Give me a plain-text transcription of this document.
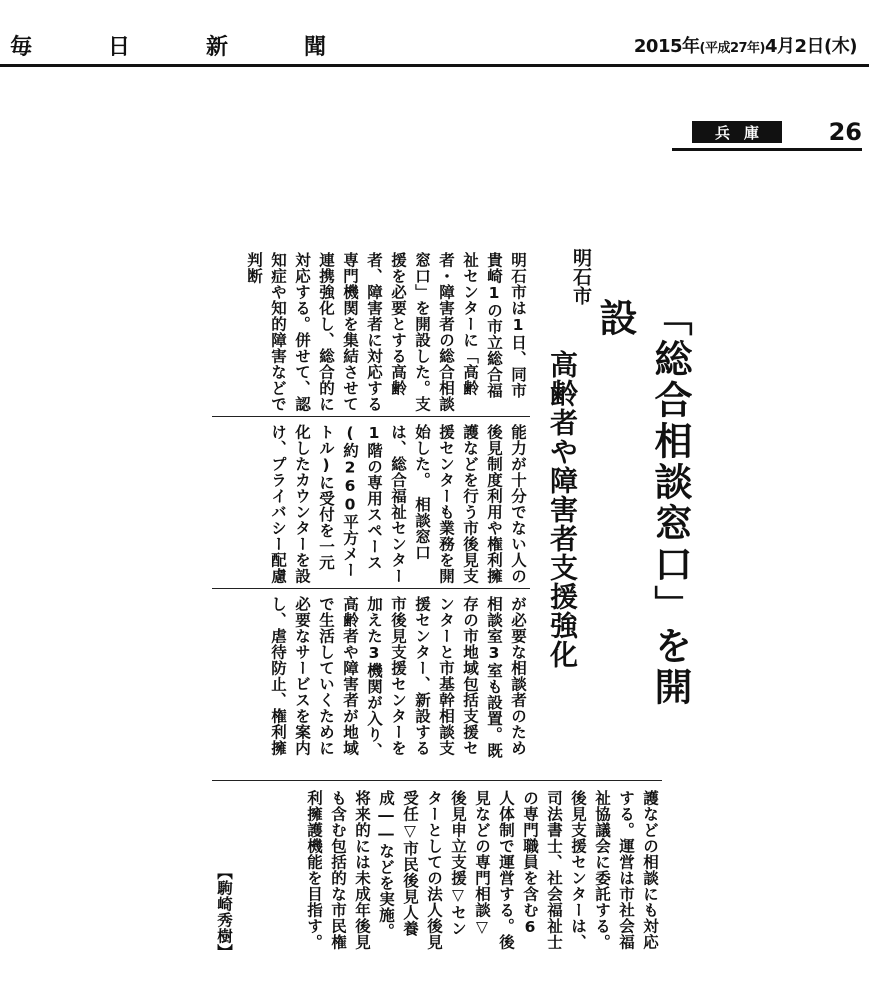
毎	日	新	聞	2015年(平成27年)4月2日(木)
兵庫	26
明石市
「総合相談窓口」を開設
高齢者や障害者支援強化
明石市は1日、同市貴崎1の市立総合福祉センターに「高齢者・障害者の総合相談窓口」を開設した。支援を必要とする高齢者、障害者に対応する専門機関を集結させて連携強化し、総合的に対応する。併せて、認知症や知的障害などで判断
能力が十分でない人の後見制度利用や権利擁護などを行う市後見支援センターも業務を開始した。　相談窓口は、総合福祉センター1階の専用スペース(約260平方メートル)に受付を一元化したカウンターを設け、プライバシー配慮
が必要な相談者のため相談室3室も設置。既存の市地域包括支援センターと市基幹相談支援センター、新設する市後見支援センターを加えた3機関が入り、高齢者や障害者が地域で生活していくために必要なサービスを案内し、虐待防止、権利擁
護などの相談にも対応する。運営は市社会福祉協議会に委託する。　後見支援センターは、司法書士、社会福祉士の専門職員を含む6人体制で運営する。後見などの専門相談▽後見申立支援▽センターとしての法人後見受任▽市民後見人養成――などを実施。将来的には未成年後見も含む包括的な市民権利擁護機能を目指す。
【駒崎秀樹】
